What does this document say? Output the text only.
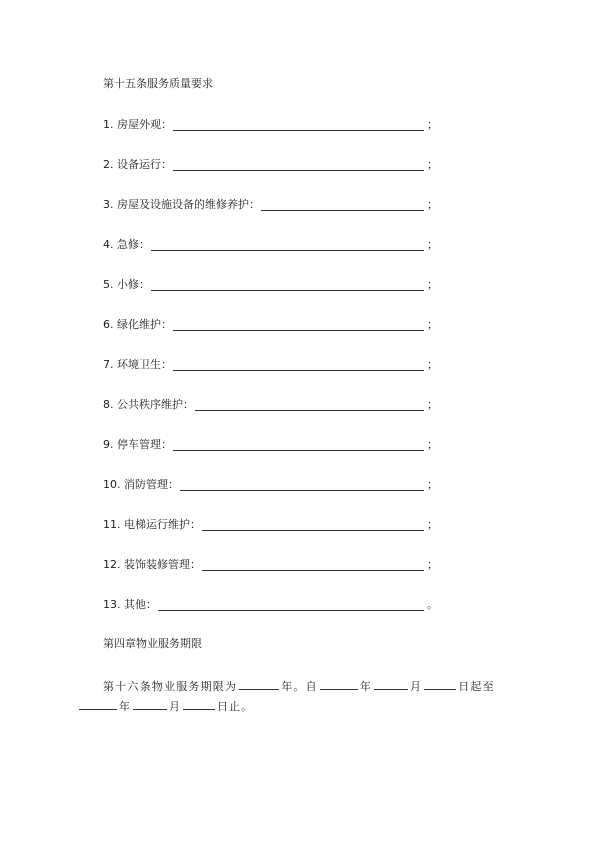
第十五条服务质量要求
1. 房屋外观：	；
2. 设备运行：	；
3. 房屋及设施设备的维修养护：	；
4. 急修：	；
5. 小修：	；
6. 绿化维护：	；
7. 环境卫生：	；
8. 公共秩序维护：	；
9. 停车管理：	；
10. 消防管理：	；
11. 电梯运行维护：	；
12. 装饰装修管理：	；
13. 其他：	。
第四章物业服务期限
第十六条物业服务期限为	年。自	年	月	日起至
年	月	日止。
